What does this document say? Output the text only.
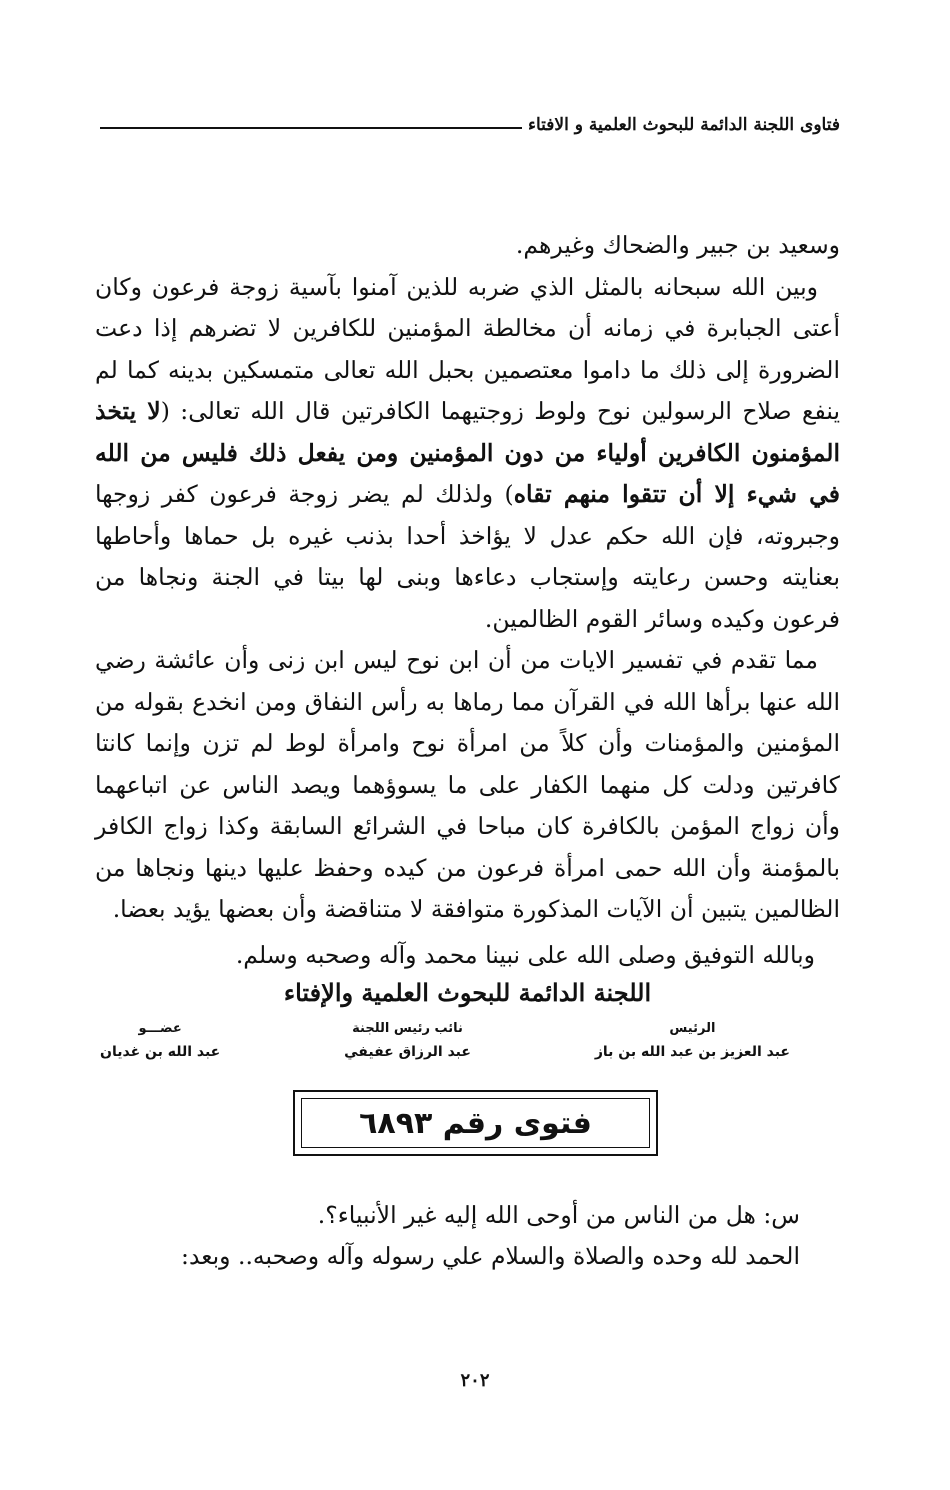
فتاوى اللجنة الدائمة للبحوث العلمية و الافتاء

وسعيد بن جبير والضحاك وغيرهم.

وبين الله سبحانه بالمثل الذي ضربه للذين آمنوا بآسية زوجة فرعون وكان أعتى الجبابرة في زمانه أن مخالطة المؤمنين للكافرين لا تضرهم إذا دعت الضرورة إلى ذلك ما داموا معتصمين بحبل الله تعالى متمسكين بدينه كما لم ينفع صلاح الرسولين نوح ولوط زوجتيهما الكافرتين قال الله تعالى: (لا يتخذ المؤمنون الكافرين أولياء من دون المؤمنين ومن يفعل ذلك فليس من الله في شيء إلا أن تتقوا منهم تقاه) ولذلك لم يضر زوجة فرعون كفر زوجها وجبروته، فإن الله حكم عدل لا يؤاخذ أحدا بذنب غيره بل حماها وأحاطها بعنايته وحسن رعايته وإستجاب دعاءها وبنى لها بيتا في الجنة ونجاها من فرعون وكيده وسائر القوم الظالمين.

مما تقدم في تفسير الايات من أن ابن نوح ليس ابن زنى وأن عائشة رضي الله عنها برأها الله في القرآن مما رماها به رأس النفاق ومن انخدع بقوله من المؤمنين والمؤمنات وأن كلاً من امرأة نوح وامرأة لوط لم تزن وإنما كانتا كافرتين ودلت كل منهما الكفار على ما يسوؤهما ويصد الناس عن اتباعهما وأن زواج المؤمن بالكافرة كان مباحا في الشرائع السابقة وكذا زواج الكافر بالمؤمنة وأن الله حمى امرأة فرعون من كيده وحفظ عليها دينها ونجاها من الظالمين يتبين أن الآيات المذكورة متوافقة لا متناقضة وأن بعضها يؤيد بعضا.

وبالله التوفيق وصلى الله على نبينا محمد وآله وصحبه وسلم.
اللجنة الدائمة للبحوث العلمية والإفتاء
الرئيس
عبد العزيز بن عبد الله بن باز
نائب رئيس اللجنة
عبد الرزاق عفيفي
عضـــو
عبد الله بن غديان
فتوى رقم ٦٨٩٣

س: هل من الناس من أوحى الله إليه غير الأنبياء؟.

الحمد لله وحده والصلاة والسلام علي رسوله وآله وصحبه.. وبعد:

٢٠٢
